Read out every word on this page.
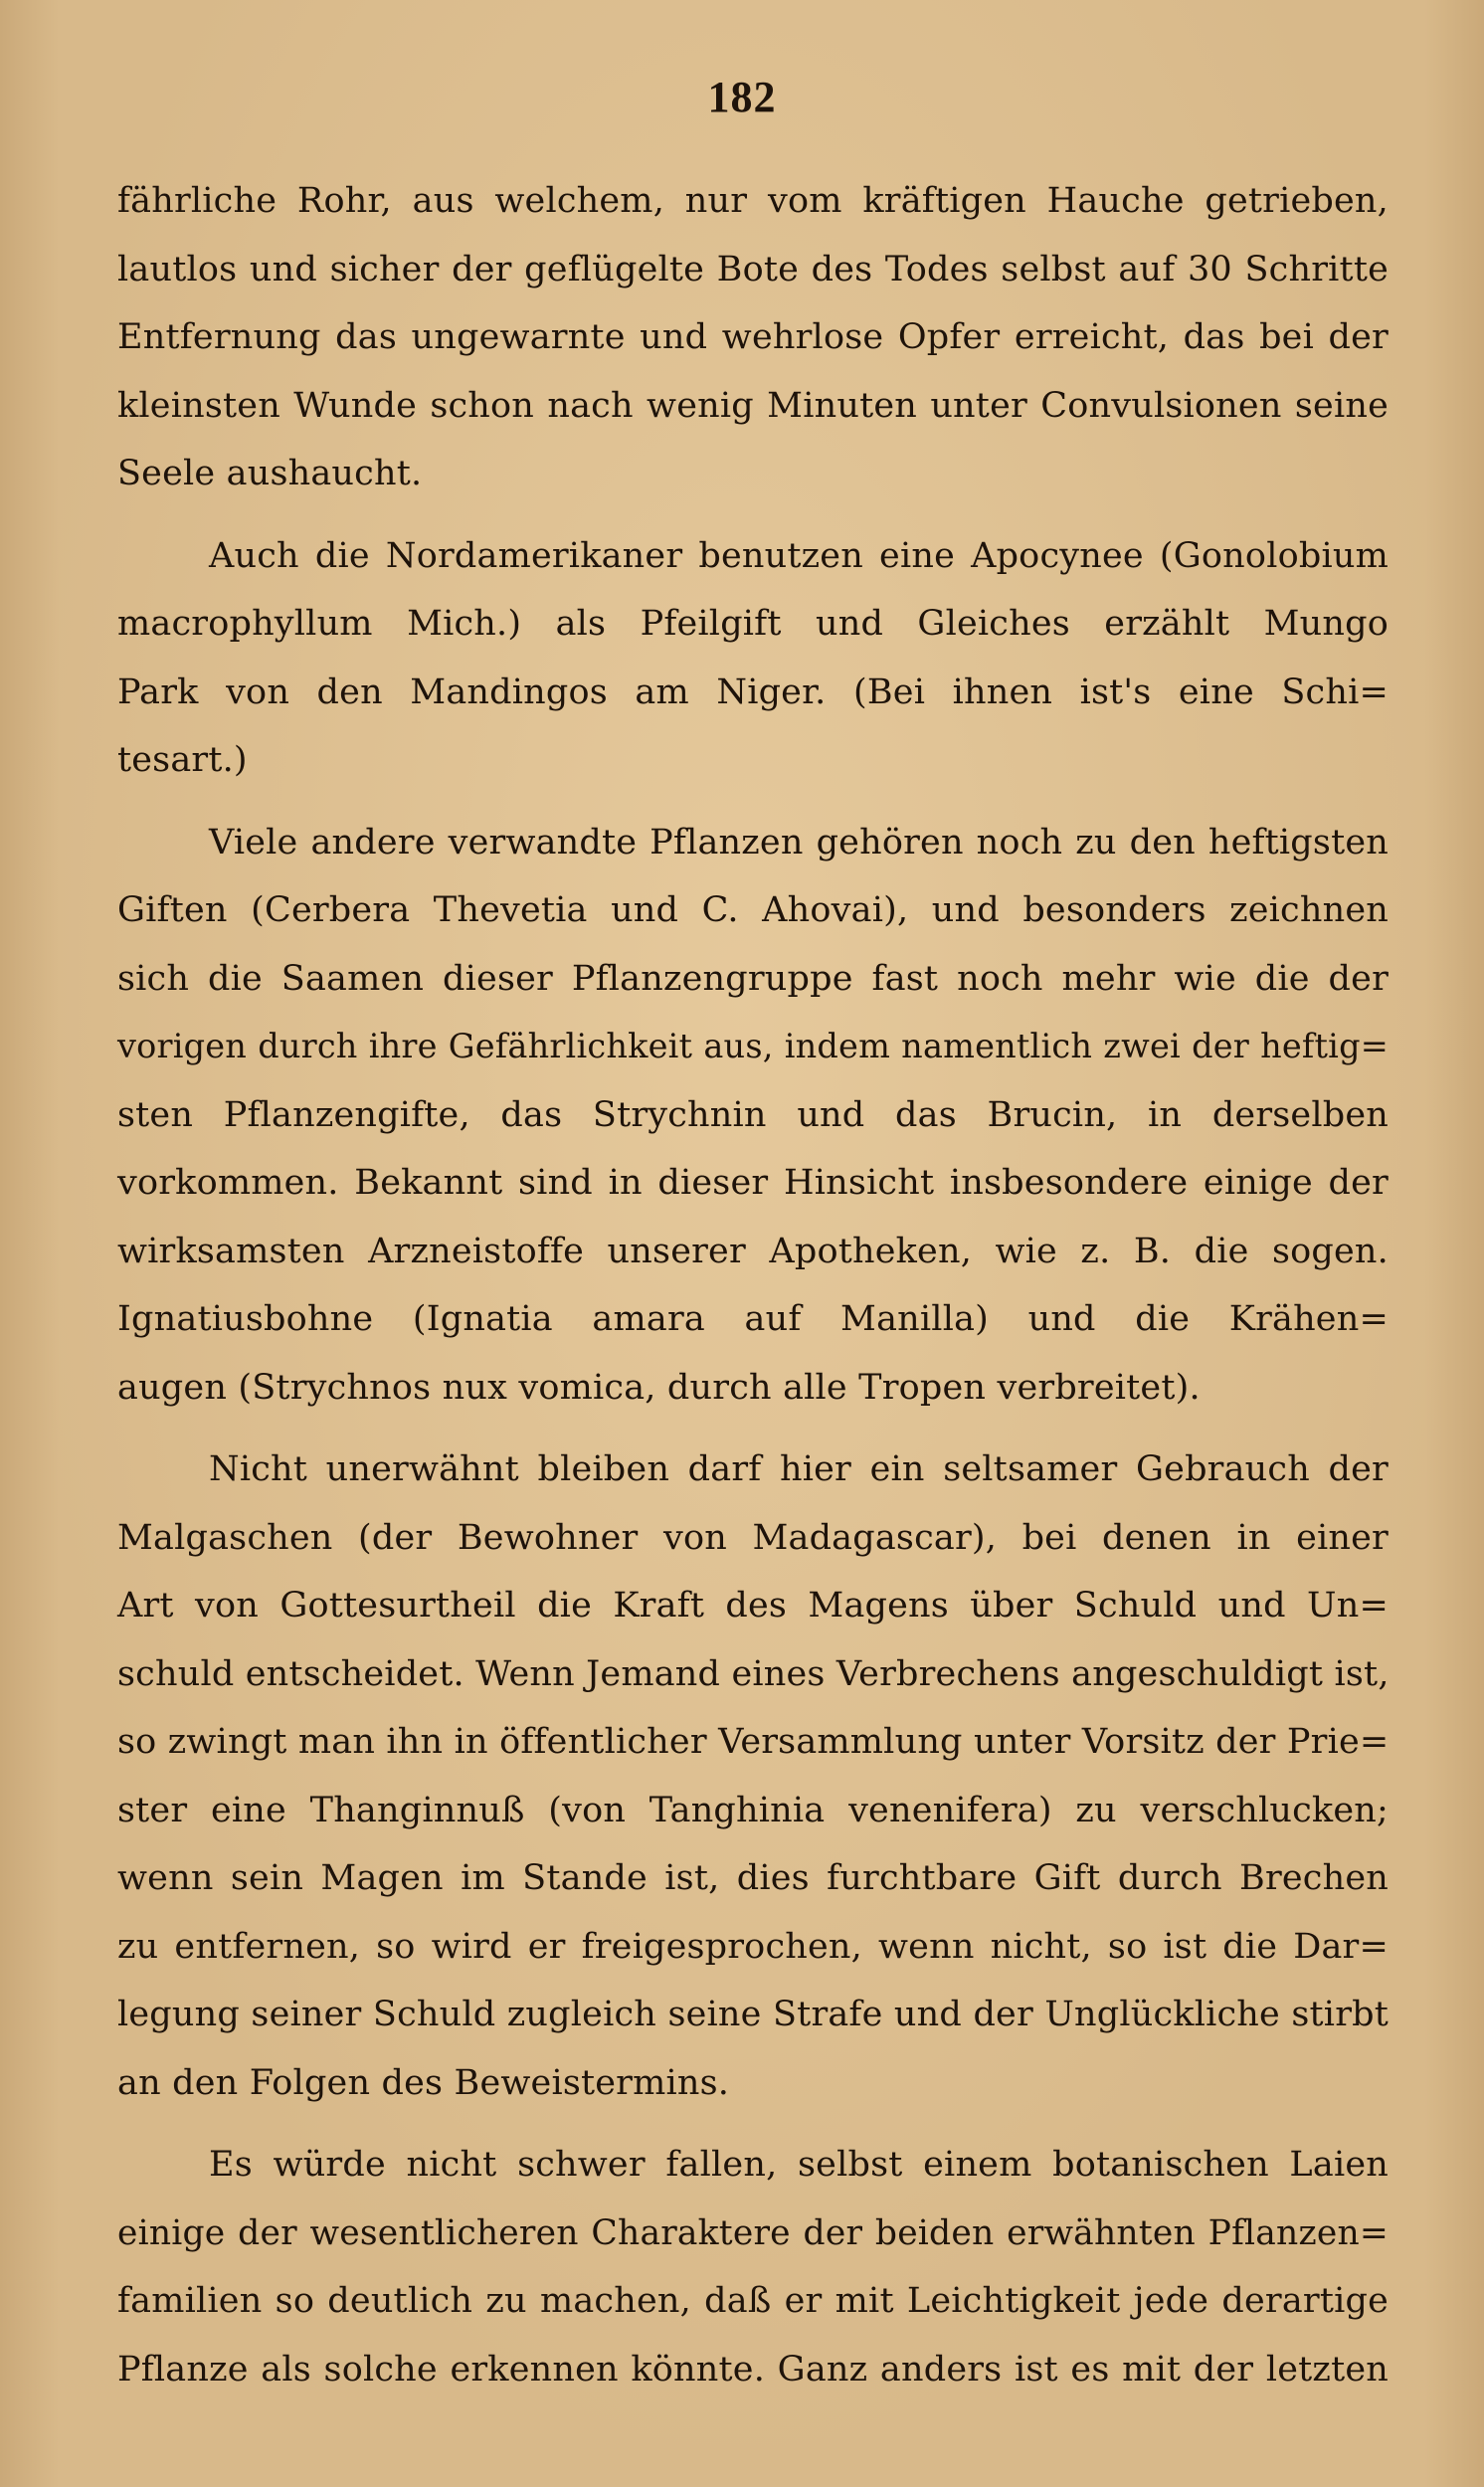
182
fährliche Rohr, aus welchem, nur vom kräftigen Hauche getrieben,
lautlos und sicher der geflügelte Bote des Todes selbst auf 30 Schritte
Entfernung das ungewarnte und wehrlose Opfer erreicht, das bei der
kleinsten Wunde schon nach wenig Minuten unter Convulsionen seine
Seele aushaucht.
Auch die Nordamerikaner benutzen eine Apocynee (Gonolobium
macrophyllum Mich.) als Pfeilgift und Gleiches erzählt Mungo
Park von den Mandingos am Niger. (Bei ihnen ist's eine Schi=
tesart.)
Viele andere verwandte Pflanzen gehören noch zu den heftigsten
Giften (Cerbera Thevetia und C. Ahovai), und besonders zeichnen
sich die Saamen dieser Pflanzengruppe fast noch mehr wie die der
vorigen durch ihre Gefährlichkeit aus, indem namentlich zwei der heftig=
sten Pflanzengifte, das Strychnin und das Brucin, in derselben
vorkommen. Bekannt sind in dieser Hinsicht insbesondere einige der
wirksamsten Arzneistoffe unserer Apotheken, wie z. B. die sogen.
Ignatiusbohne (Ignatia amara auf Manilla) und die Krähen=
augen (Strychnos nux vomica, durch alle Tropen verbreitet).
Nicht unerwähnt bleiben darf hier ein seltsamer Gebrauch der
Malgaschen (der Bewohner von Madagascar), bei denen in einer
Art von Gottesurtheil die Kraft des Magens über Schuld und Un=
schuld entscheidet. Wenn Jemand eines Verbrechens angeschuldigt ist,
so zwingt man ihn in öffentlicher Versammlung unter Vorsitz der Prie=
ster eine Thanginnuß (von Tanghinia venenifera) zu verschlucken;
wenn sein Magen im Stande ist, dies furchtbare Gift durch Brechen
zu entfernen, so wird er freigesprochen, wenn nicht, so ist die Dar=
legung seiner Schuld zugleich seine Strafe und der Unglückliche stirbt
an den Folgen des Beweistermins.
Es würde nicht schwer fallen, selbst einem botanischen Laien
einige der wesentlicheren Charaktere der beiden erwähnten Pflanzen=
familien so deutlich zu machen, daß er mit Leichtigkeit jede derartige
Pflanze als solche erkennen könnte. Ganz anders ist es mit der letzten
